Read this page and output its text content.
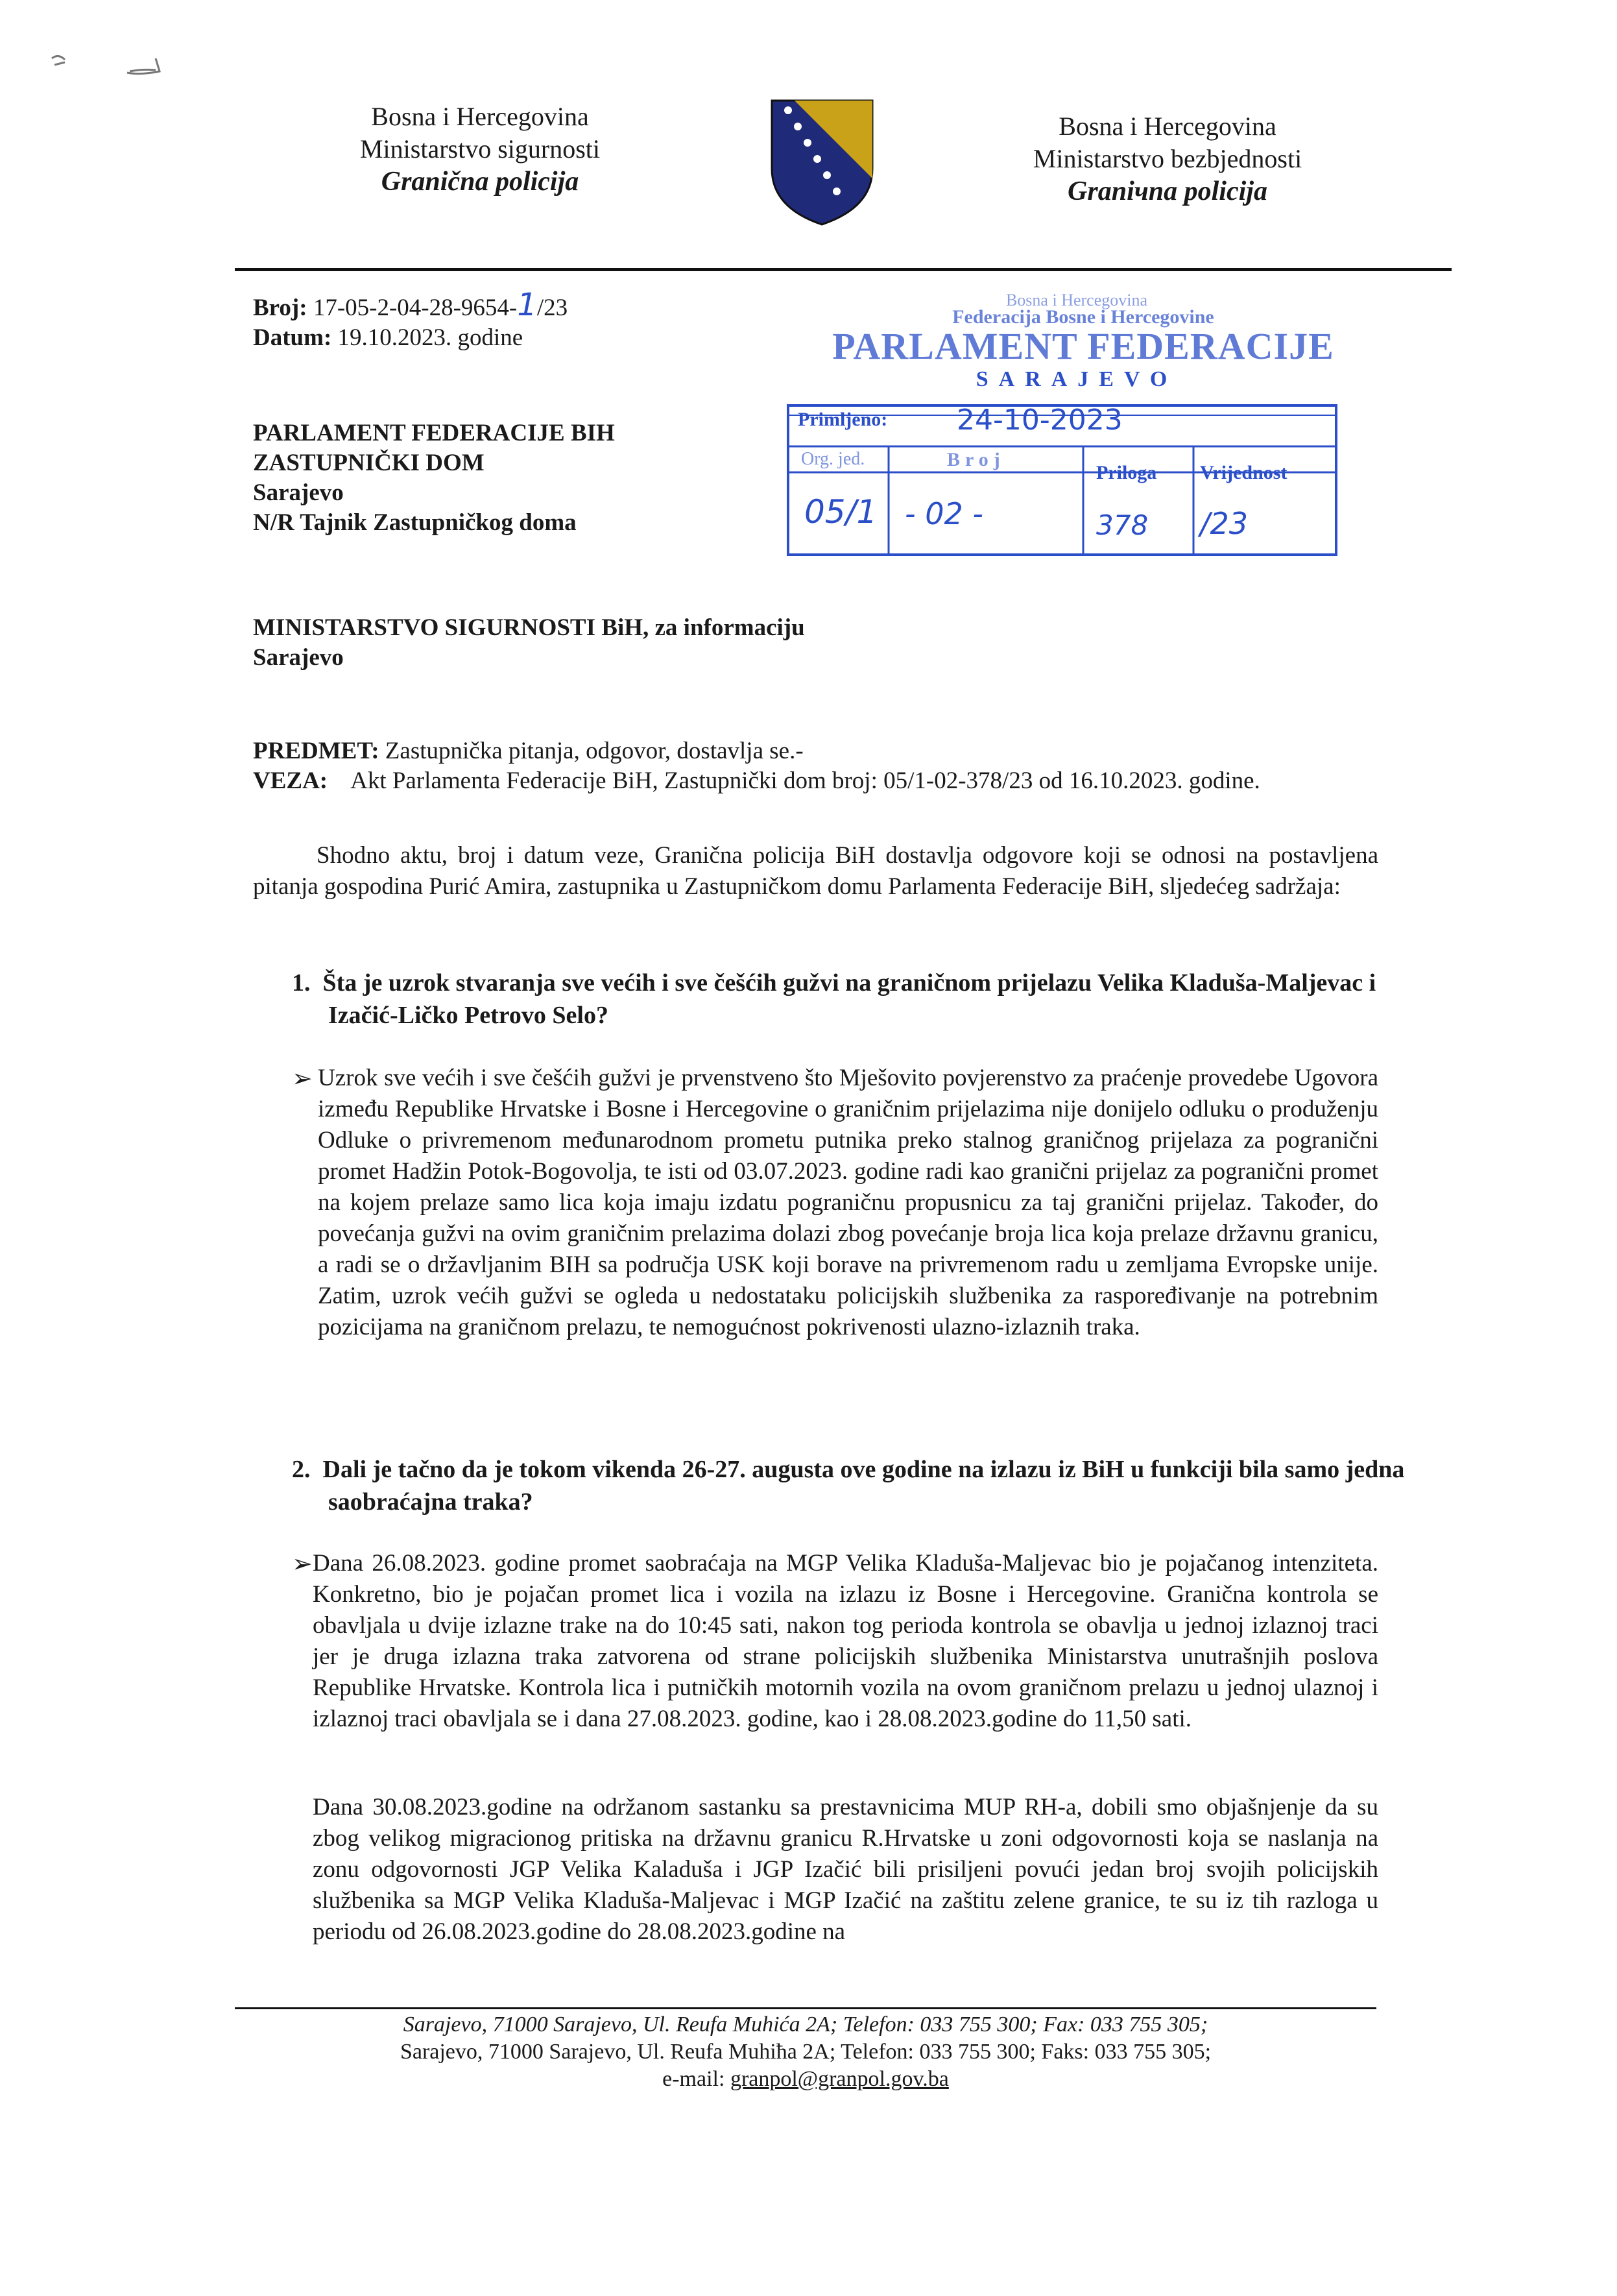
Bosna i Hercegovina
Ministarstvo sigurnosti
Granična policija
Bosna i Hercegovina
Ministarstvo bezbjednosti
Graniчna policija
Broj: 17-05-2-04-28-9654-1/23
Datum: 19.10.2023. godine
Bosna i Hercegovina
Federacija Bosne i Hercegovine
PARLAMENT FEDERACIJE
SARAJEVO
Primljeno: 24-10-2023
Org. jed.	Broj
Priloga Vrijednost
05/1 - 02 -	378 /23
PARLAMENT FEDERACIJE BIH
ZASTUPNIČKI DOM
Sarajevo
N/R Tajnik Zastupničkog doma
MINISTARSTVO SIGURNOSTI BiH, za informaciju
Sarajevo
PREDMET: Zastupnička pitanja, odgovor, dostavlja se.-
VEZA: Akt Parlamenta Federacije BiH, Zastupnički dom broj: 05/1-02-378/23 od 16.10.2023. godine.
Shodno aktu, broj i datum veze, Granična policija BiH dostavlja odgovore koji se odnosi na postavljena pitanja gospodina Purić Amira, zastupnika u Zastupničkom domu Parlamenta Federacije BiH, sljedećeg sadržaja:
1. Šta je uzrok stvaranja sve većih i sve češćih gužvi na graničnom prijelazu Velika Kladuša-Maljevac i Izačić-Ličko Petrovo Selo?
➢ Uzrok sve većih i sve češćih gužvi je prvenstveno što Mješovito povjerenstvo za praćenje provedebe Ugovora između Republike Hrvatske i Bosne i Hercegovine o graničnim prijelazima nije donijelo odluku o produženju Odluke o privremenom međunarodnom prometu putnika preko stalnog graničnog prijelaza za pogranični promet Hadžin Potok-Bogovolja, te isti od 03.07.2023. godine radi kao granični prijelaz za pogranični promet na kojem prelaze samo lica koja imaju izdatu pograničnu propusnicu za taj granični prijelaz. Također, do povećanja gužvi na ovim graničnim prelazima dolazi zbog povećanje broja lica koja prelaze državnu granicu, a radi se o državljanim BIH sa područja USK koji borave na privremenom radu u zemljama Evropske unije. Zatim, uzrok većih gužvi se ogleda u nedostataku policijskih službenika za raspoređivanje na potrebnim pozicijama na graničnom prelazu, te nemogućnost pokrivenosti ulazno-izlaznih traka.
2. Dali je tačno da je tokom vikenda 26-27. augusta ove godine na izlazu iz BiH u funkciji bila samo jedna saobraćajna traka?
➢ Dana 26.08.2023. godine promet saobraćaja na MGP Velika Kladuša-Maljevac bio je pojačanog intenziteta. Konkretno, bio je pojačan promet lica i vozila na izlazu iz Bosne i Hercegovine. Granična kontrola se obavljala u dvije izlazne trake na do 10:45 sati, nakon tog perioda kontrola se obavlja u jednoj izlaznoj traci jer je druga izlazna traka zatvorena od strane policijskih službenika Ministarstva unutrašnjih poslova Republike Hrvatske. Kontrola lica i putničkih motornih vozila na ovom graničnom prelazu u jednoj ulaznoj i izlaznoj traci obavljala se i dana 27.08.2023. godine, kao i 28.08.2023.godine do 11,50 sati.
Dana 30.08.2023.godine na održanom sastanku sa prestavnicima MUP RH-a, dobili smo objašnjenje da su zbog velikog migracionog pritiska na državnu granicu R.Hrvatske u zoni odgovornosti koja se naslanja na zonu odgovornosti JGP Velika Kaladuša i JGP Izačić bili prisiljeni povući jedan broj svojih policijskih službenika sa MGP Velika Kladuša-Maljevac i MGP Izačić na zaštitu zelene granice, te su iz tih razloga u periodu od 26.08.2023.godine do 28.08.2023.godine na
Sarajevo, 71000 Sarajevo, Ul. Reufa Muhića 2A; Telefon: 033 755 300; Fax: 033 755 305;
Sarajevo, 71000 Sarajevo, Ul. Reufa Muhiћa 2A; Telefon: 033 755 300; Faks: 033 755 305;
e-mail: granpol@granpol.gov.ba
